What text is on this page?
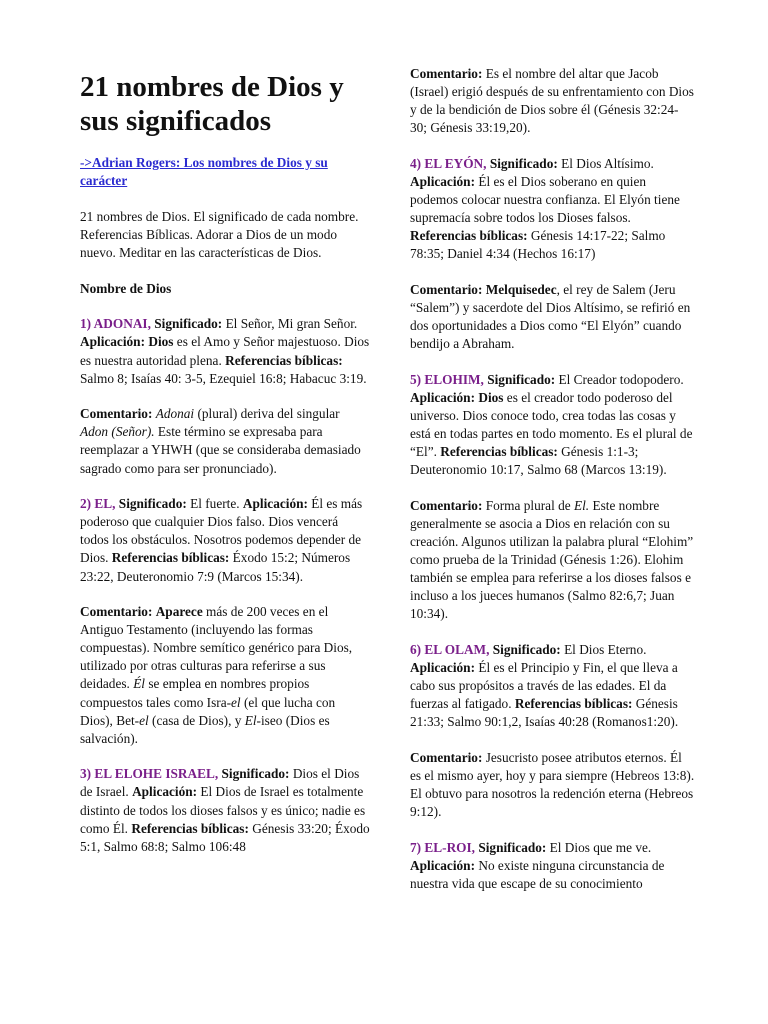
21 nombres de Dios y sus significados
->Adrian Rogers: Los nombres de Dios y su carácter

21 nombres de Dios. El significado de cada nombre. Referencias Bíblicas. Adorar a Dios de un modo nuevo. Meditar en las características de Dios.

Nombre de Dios

1) ADONAI, Significado: El Señor, Mi gran Señor. Aplicación: Dios es el Amo y Señor majestuoso. Dios es nuestra autoridad plena. Referencias bíblicas: Salmo 8; Isaías 40: 3-5, Ezequiel 16:8; Habacuc 3:19.

Comentario: Adonai (plural) deriva del singular Adon (Señor). Este término se expresaba para reemplazar a YHWH (que se consideraba demasiado sagrado como para ser pronunciado).

2) EL, Significado: El fuerte. Aplicación: Él es más poderoso que cualquier Dios falso. Dios vencerá todos los obstáculos. Nosotros podemos depender de Dios. Referencias bíblicas: Éxodo 15:2; Números 23:22, Deuteronomio 7:9 (Marcos 15:34).

Comentario: Aparece más de 200 veces en el Antiguo Testamento (incluyendo las formas compuestas). Nombre semítico genérico para Dios, utilizado por otras culturas para referirse a sus deidades. Él se emplea en nombres propios compuestos tales como Isra-el (el que lucha con Dios), Bet-el (casa de Dios), y El-iseo (Dios es salvación).

3) EL ELOHE ISRAEL, Significado: Dios el Dios de Israel. Aplicación: El Dios de Israel es totalmente distinto de todos los dioses falsos y es único; nadie es como Él. Referencias bíblicas: Génesis 33:20; Éxodo 5:1, Salmo 68:8; Salmo 106:48

Comentario: Es el nombre del altar que Jacob (Israel) erigió después de su enfrentamiento con Dios y de la bendición de Dios sobre él (Génesis 32:24-30; Génesis 33:19,20).

4) EL EYÓN, Significado: El Dios Altísimo. Aplicación: Él es el Dios soberano en quien podemos colocar nuestra confianza. El Elyón tiene supremacía sobre todos los Dioses falsos. Referencias bíblicas: Génesis 14:17-22; Salmo 78:35; Daniel 4:34 (Hechos 16:17)

Comentario: Melquisedec, el rey de Salem (Jeru “Salem”) y sacerdote del Dios Altísimo, se refirió en dos oportunidades a Dios como “El Elyón” cuando bendijo a Abraham.

5) ELOHIM, Significado: El Creador todopodero. Aplicación: Dios es el creador todo poderoso del universo. Dios conoce todo, crea todas las cosas y está en todas partes en todo momento. Es el plural de “El”. Referencias bíblicas: Génesis 1:1-3; Deuteronomio 10:17, Salmo 68 (Marcos 13:19).

Comentario: Forma plural de El. Este nombre generalmente se asocia a Dios en relación con su creación. Algunos utilizan la palabra plural “Elohim” como prueba de la Trinidad (Génesis 1:26). Elohim también se emplea para referirse a los dioses falsos e incluso a los jueces humanos (Salmo 82:6,7; Juan 10:34).

6) EL OLAM, Significado: El Dios Eterno. Aplicación: Él es el Principio y Fin, el que lleva a cabo sus propósitos a través de las edades. El da fuerzas al fatigado. Referencias bíblicas: Génesis 21:33; Salmo 90:1,2, Isaías 40:28 (Romanos1:20).

Comentario: Jesucristo posee atributos eternos. Él es el mismo ayer, hoy y para siempre (Hebreos 13:8). El obtuvo para nosotros la redención eterna (Hebreos 9:12).

7) EL-ROI, Significado: El Dios que me ve. Aplicación: No existe ninguna circunstancia de nuestra vida que escape de su conocimiento
